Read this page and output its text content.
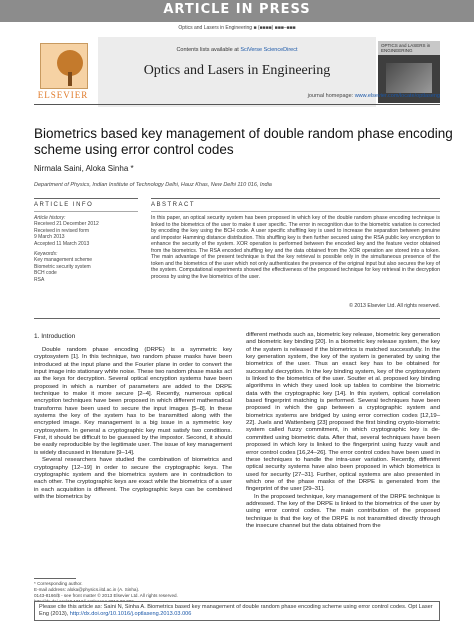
ARTICLE IN PRESS
Optics and Lasers in Engineering ■ (■■■■) ■■■–■■■
ELSEVIER
Contents lists available at SciVerse ScienceDirect
Optics and Lasers in Engineering
OPTICS and LASERS in ENGINEERING
journal homepage: www.elsevier.com/locate/optlaseng
Biometrics based key management of double random phase encoding scheme using error control codes
Nirmala Saini, Aloka Sinha *
Department of Physics, Indian Institute of Technology Delhi, Hauz Khas, New Delhi 110 016, India
ARTICLE INFO	ABSTRACT
Article history:
Received 21 December 2012
Received in revised form
9 March 2013
Accepted 11 March 2013
Keywords:
Key management scheme
Biometric security system
BCH code
RSA
In this paper, an optical security system has been proposed in which key of the double random phase encoding technique is linked to the biometrics of the user to make it user specific. The error in recognition due to the biometric variation is corrected by encoding the key using the BCH code. A user specific shuffling key is used to increase the separation between genuine and impostor Hamming distance distribution. This shuffling key is then further secured using the RSA public key encryption to enhance the security of the system. XOR operation is performed between the encoded key and the feature vector obtained from the biometrics. The RSA encoded shuffling key and the data obtained from the XOR operation are stored into a token. The main advantage of the present technique is that the key retrieval is possible only in the simultaneous presence of the token and the biometrics of the user which not only authenticates the presence of the original input but also secures the key of the system. Computational experiments showed the effectiveness of the proposed technique for key retrieval in the decryption process by using the live biometrics of the user.
© 2013 Elsevier Ltd. All rights reserved.
1. Introduction

Double random phase encoding (DRPE) is a symmetric key cryptosystem [1]. In this technique, two random phase masks have been introduced at the input plane and the Fourier plane in order to convert the input image into stationary white noise. These two random phase masks act as the keys for decryption. Several optical encryption systems have been proposed in which a number of parameters are added to the DRPE technique to make it more secure [2–4]. Recently, numerous optical encryption techniques have been proposed in which different mathematical transforms have been used to secure the input images [5–8]. In these systems the key of the system has to be transmitted along with the encrypted image. Key management is a big issue in a symmetric key cryptosystem. In general a cryptographic key must satisfy two conditions. First, it should be difficult to be guessed by the impostor. Second, it should be easily reproducible by the legitimate user. The issue of key management is widely discussed in literature [9–14].

Several researchers have studied the combination of biometrics and cryptography [12–19] in order to secure the cryptographic keys. The cryptographic system and the biometrics system are in contradiction to each other. The cryptographic keys are exact while the biometrics of a user in each acquisition is different. The cryptographic keys can be combined with the biometrics by

different methods such as, biometric key release, biometric key generation and biometric key binding [20]. In a biometric key release system, the key of the system is released if the biometrics is matched successfully. In the key generation system, the key of the system is generated by using the biometrics of the user. Thus an exact key has to be obtained for successful decryption. In the key binding system, key of the cryptosystem is linked to the biometrics of the user. Soutter et al. proposed key binding algorithms in which they used look up tables to combine the biometric data with the cryptographic key [14]. In this system, optical correlation based fingerprint matching is performed. Several techniques have been proposed in which the gap between a cryptographic system and biometrics systems are bridged by using error correction codes [12,19–22]. Juels and Wattenberg [23] proposed the first binding crypto-biometric system called fuzzy commitment, in which cryptographic key is de-committed using biometric data. After that, several techniques have been proposed in which key is linked to the fingerprint using fuzzy vault and error control codes [16,24–26]. The error control codes have been used in these techniques to handle the intra-user variation. Recently, different optical security systems have also been proposed in which biometrics is used for security [27–31]. Further, optical systems are also presented in which one of the phase masks of the DRPE is generated from the fingerprint of the user [29–31].

In the proposed technique, key management of the DRPE technique is addressed. The key of the DRPE is linked to the biometrics of the user by using error control codes. The main contribution of the proposed technique is that the key of the DRPE is not transmitted directly through the insecure channel but the data obtained from the

* Corresponding author.
E-mail address: aloka@physics.iitd.ac.in (A. Sinha).
0143-8166/$ - see front matter © 2013 Elsevier Ltd. All rights reserved.
Please cite this article as: Saini N, Sinha A. Biometrics based key management of double random phase encoding scheme using error control codes. Opt Laser Eng (2013), http://dx.doi.org/10.1016/j.optlaseng.2013.03.006
